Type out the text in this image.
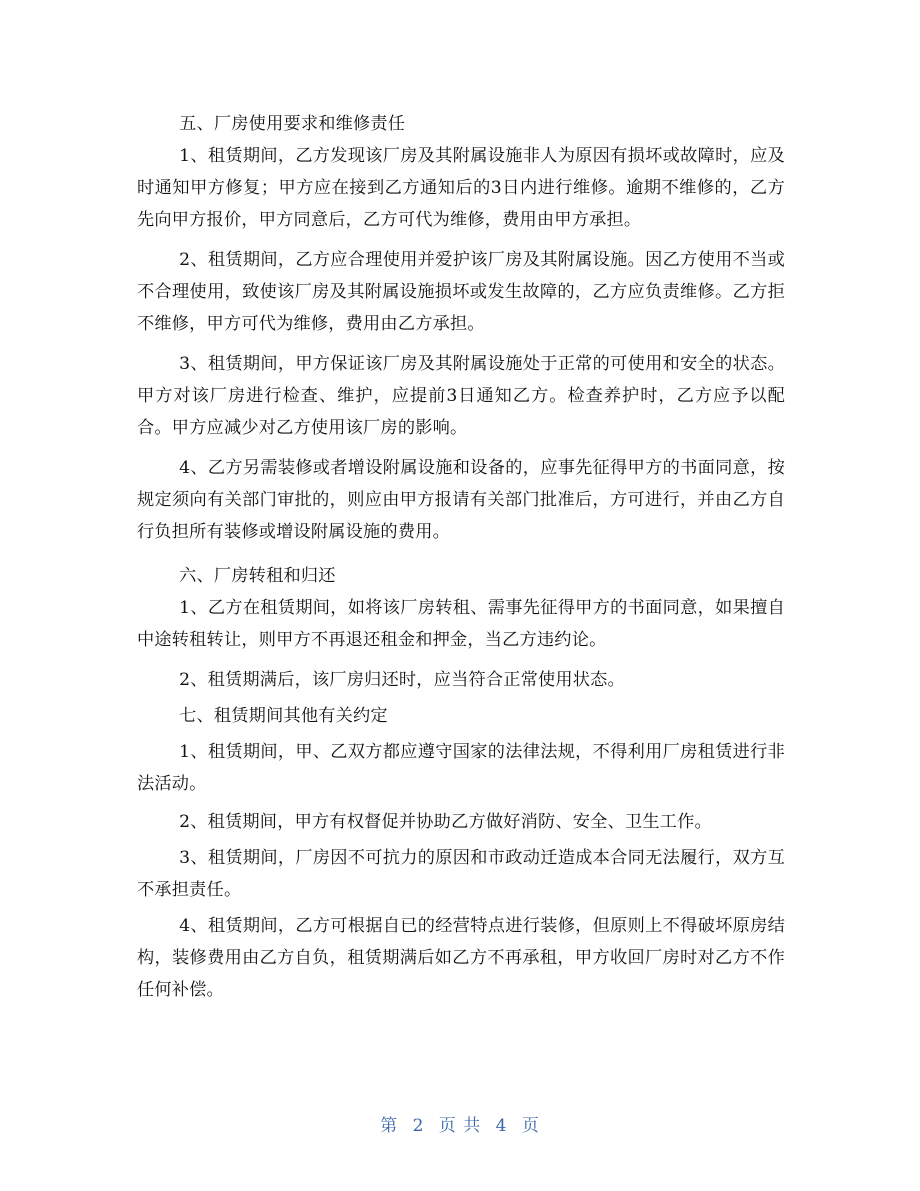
五、厂房使用要求和维修责任

1、租赁期间，乙方发现该厂房及其附属设施非人为原因有损坏或故障时，应及时通知甲方修复；甲方应在接到乙方通知后的3日内进行维修。逾期不维修的，乙方先向甲方报价，甲方同意后，乙方可代为维修，费用由甲方承担。

2、租赁期间，乙方应合理使用并爱护该厂房及其附属设施。因乙方使用不当或不合理使用，致使该厂房及其附属设施损坏或发生故障的，乙方应负责维修。乙方拒不维修，甲方可代为维修，费用由乙方承担。

3、租赁期间，甲方保证该厂房及其附属设施处于正常的可使用和安全的状态。甲方对该厂房进行检查、维护，应提前3日通知乙方。检查养护时，乙方应予以配合。甲方应减少对乙方使用该厂房的影响。

4、乙方另需装修或者增设附属设施和设备的，应事先征得甲方的书面同意，按规定须向有关部门审批的，则应由甲方报请有关部门批准后，方可进行，并由乙方自行负担所有装修或增设附属设施的费用。

六、厂房转租和归还

1、乙方在租赁期间，如将该厂房转租、需事先征得甲方的书面同意，如果擅自中途转租转让，则甲方不再退还租金和押金，当乙方违约论。

2、租赁期满后，该厂房归还时，应当符合正常使用状态。

七、租赁期间其他有关约定

1、租赁期间，甲、乙双方都应遵守国家的法律法规，不得利用厂房租赁进行非法活动。

2、租赁期间，甲方有权督促并协助乙方做好消防、安全、卫生工作。

3、租赁期间，厂房因不可抗力的原因和市政动迁造成本合同无法履行，双方互不承担责任。

4、租赁期间，乙方可根据自已的经营特点进行装修，但原则上不得破坏原房结构，装修费用由乙方自负，租赁期满后如乙方不再承租，甲方收回厂房时对乙方不作任何补偿。

第 2 页 共 4 页
